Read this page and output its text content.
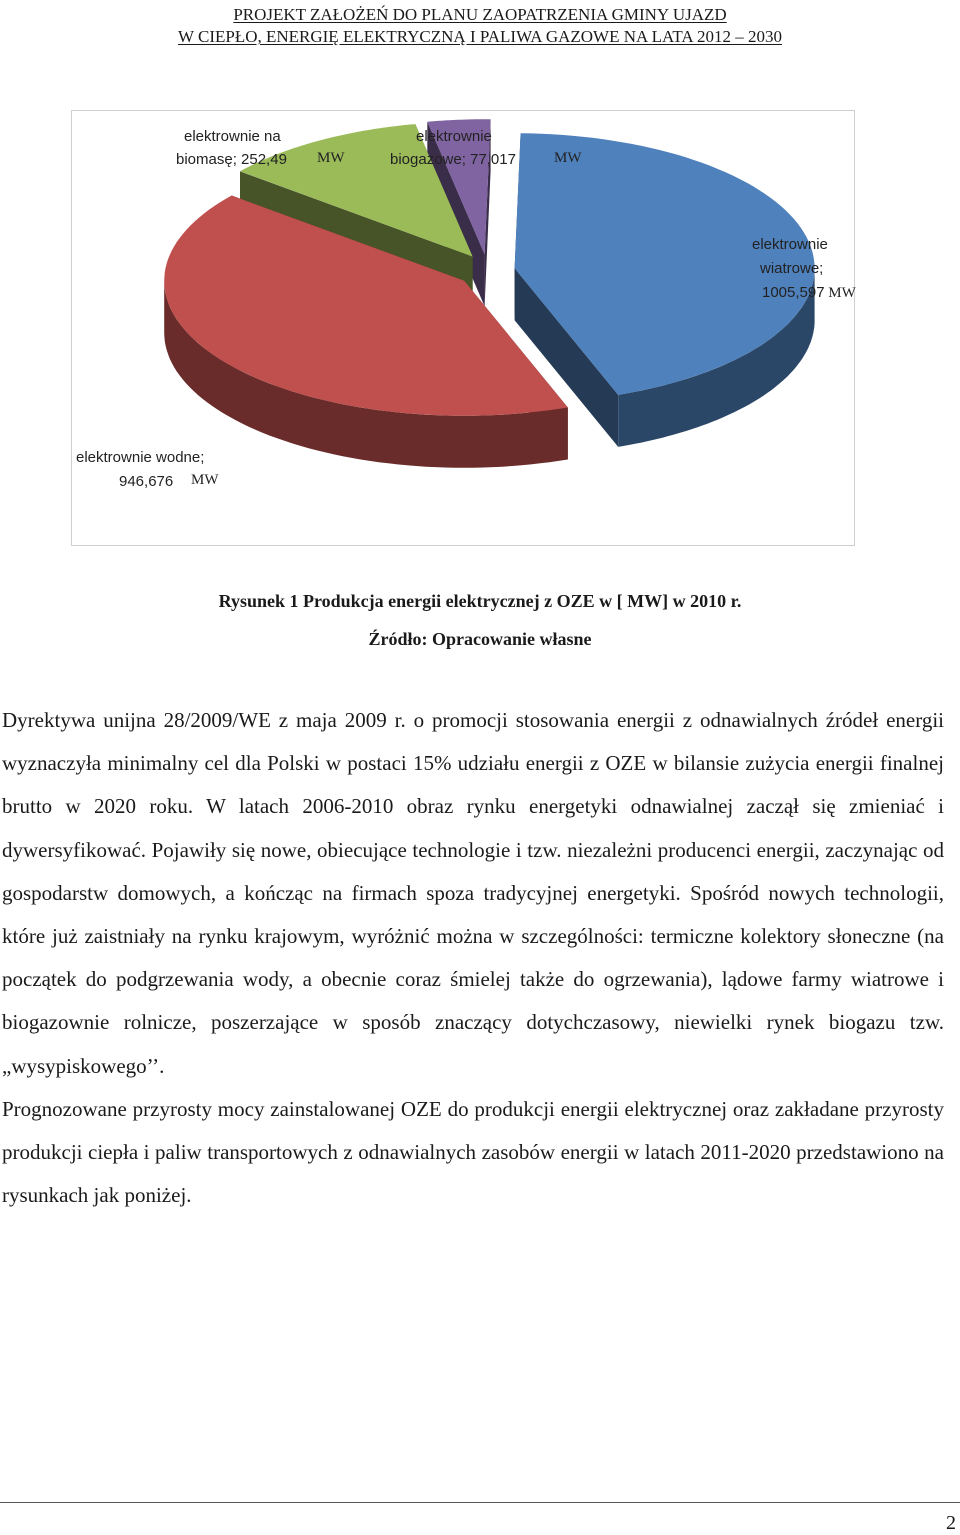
PROJEKT ZAŁOŻEŃ DO PLANU ZAOPATRZENIA GMINY UJAZD
W CIEPŁO, ENERGIĘ ELEKTRYCZNĄ I PALIWA GAZOWE NA LATA 2012 – 2030
elektrownie na
biomasę; 252,49 MW
elektrownie
biogazowe; 77,017	MW
elektrownie
wiatrowe;
1005,597 MW
elektrownie wodne;
946,676 MW
Rysunek 1 Produkcja energii elektrycznej z OZE w [ MW] w 2010 r.
Źródło: Opracowanie własne

Dyrektywa unijna 28/2009/WE z maja 2009 r. o promocji stosowania energii z odnawialnych źródeł energii wyznaczyła minimalny cel dla Polski w postaci 15% udziału energii z OZE w bilansie zużycia energii finalnej brutto w 2020 roku. W latach 2006-2010 obraz rynku energetyki odnawialnej zaczął się zmieniać i dywersyfikować. Pojawiły się nowe, obiecujące technologie i tzw. niezależni producenci energii, zaczynając od gospodarstw domowych, a kończąc na firmach spoza tradycyjnej energetyki. Spośród nowych technologii, które już zaistniały na rynku krajowym, wyróżnić można w szczególności: termiczne kolektory słoneczne (na początek do podgrzewania wody, a obecnie coraz śmielej także do ogrzewania), lądowe farmy wiatrowe i biogazownie rolnicze, poszerzające w sposób znaczący dotychczasowy, niewielki rynek biogazu tzw. „wysypiskowego’’.

Prognozowane przyrosty mocy zainstalowanej OZE do produkcji energii elektrycznej oraz zakładane przyrosty produkcji ciepła i paliw transportowych z odnawialnych zasobów energii w latach 2011-2020 przedstawiono na rysunkach jak poniżej.

2
